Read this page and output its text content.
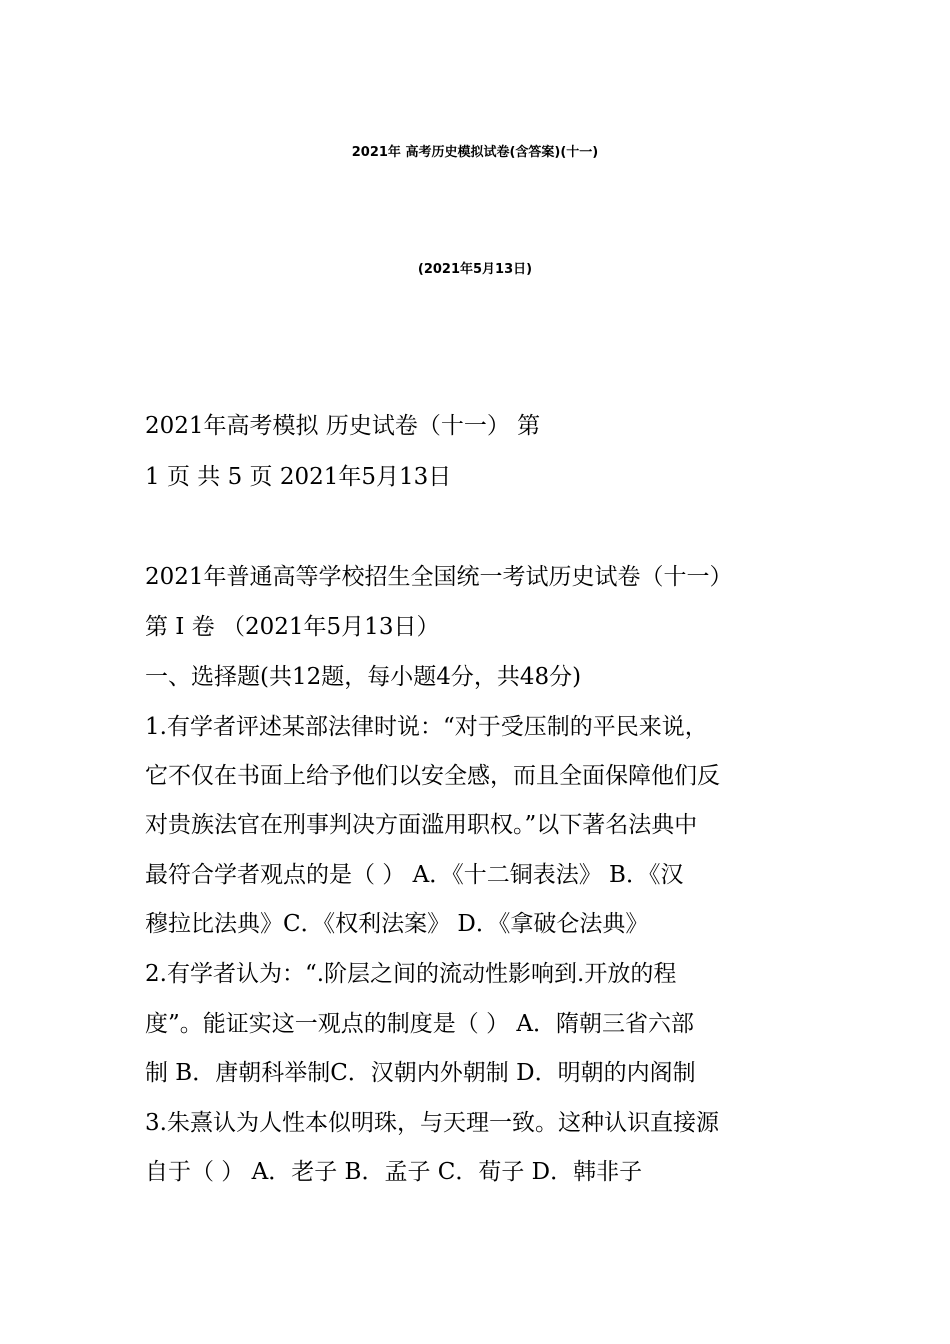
2021年 高考历史模拟试卷(含答案)(十一)
(2021年5月13日)
2021年高考模拟 历史试卷（十一） 第
1 页 共 5 页 2021年5月13日
2021年普通高等学校招生全国统一考试历史试卷（十一）
第 Ⅰ 卷 （2021年5月13日）
一、选择题(共12题，每小题4分，共48分)
1.有学者评述某部法律时说：“对于受压制的平民来说，
它不仅在书面上给予他们以安全感，而且全面保障他们反
对贵族法官在刑事判决方面滥用职权。”以下著名法典中
最符合学者观点的是（ ） A．《十二铜表法》 B．《汉
穆拉比法典》C．《权利法案》 D．《拿破仑法典》
2.有学者认为：“.阶层之间的流动性影响到.开放的程
度”。能证实这一观点的制度是（ ） A．隋朝三省六部
制 B．唐朝科举制C．汉朝内外朝制 D．明朝的内阁制
3.朱熹认为人性本似明珠，与天理一致。这种认识直接源
自于（ ） A．老子 B．孟子 C．荀子 D．韩非子
